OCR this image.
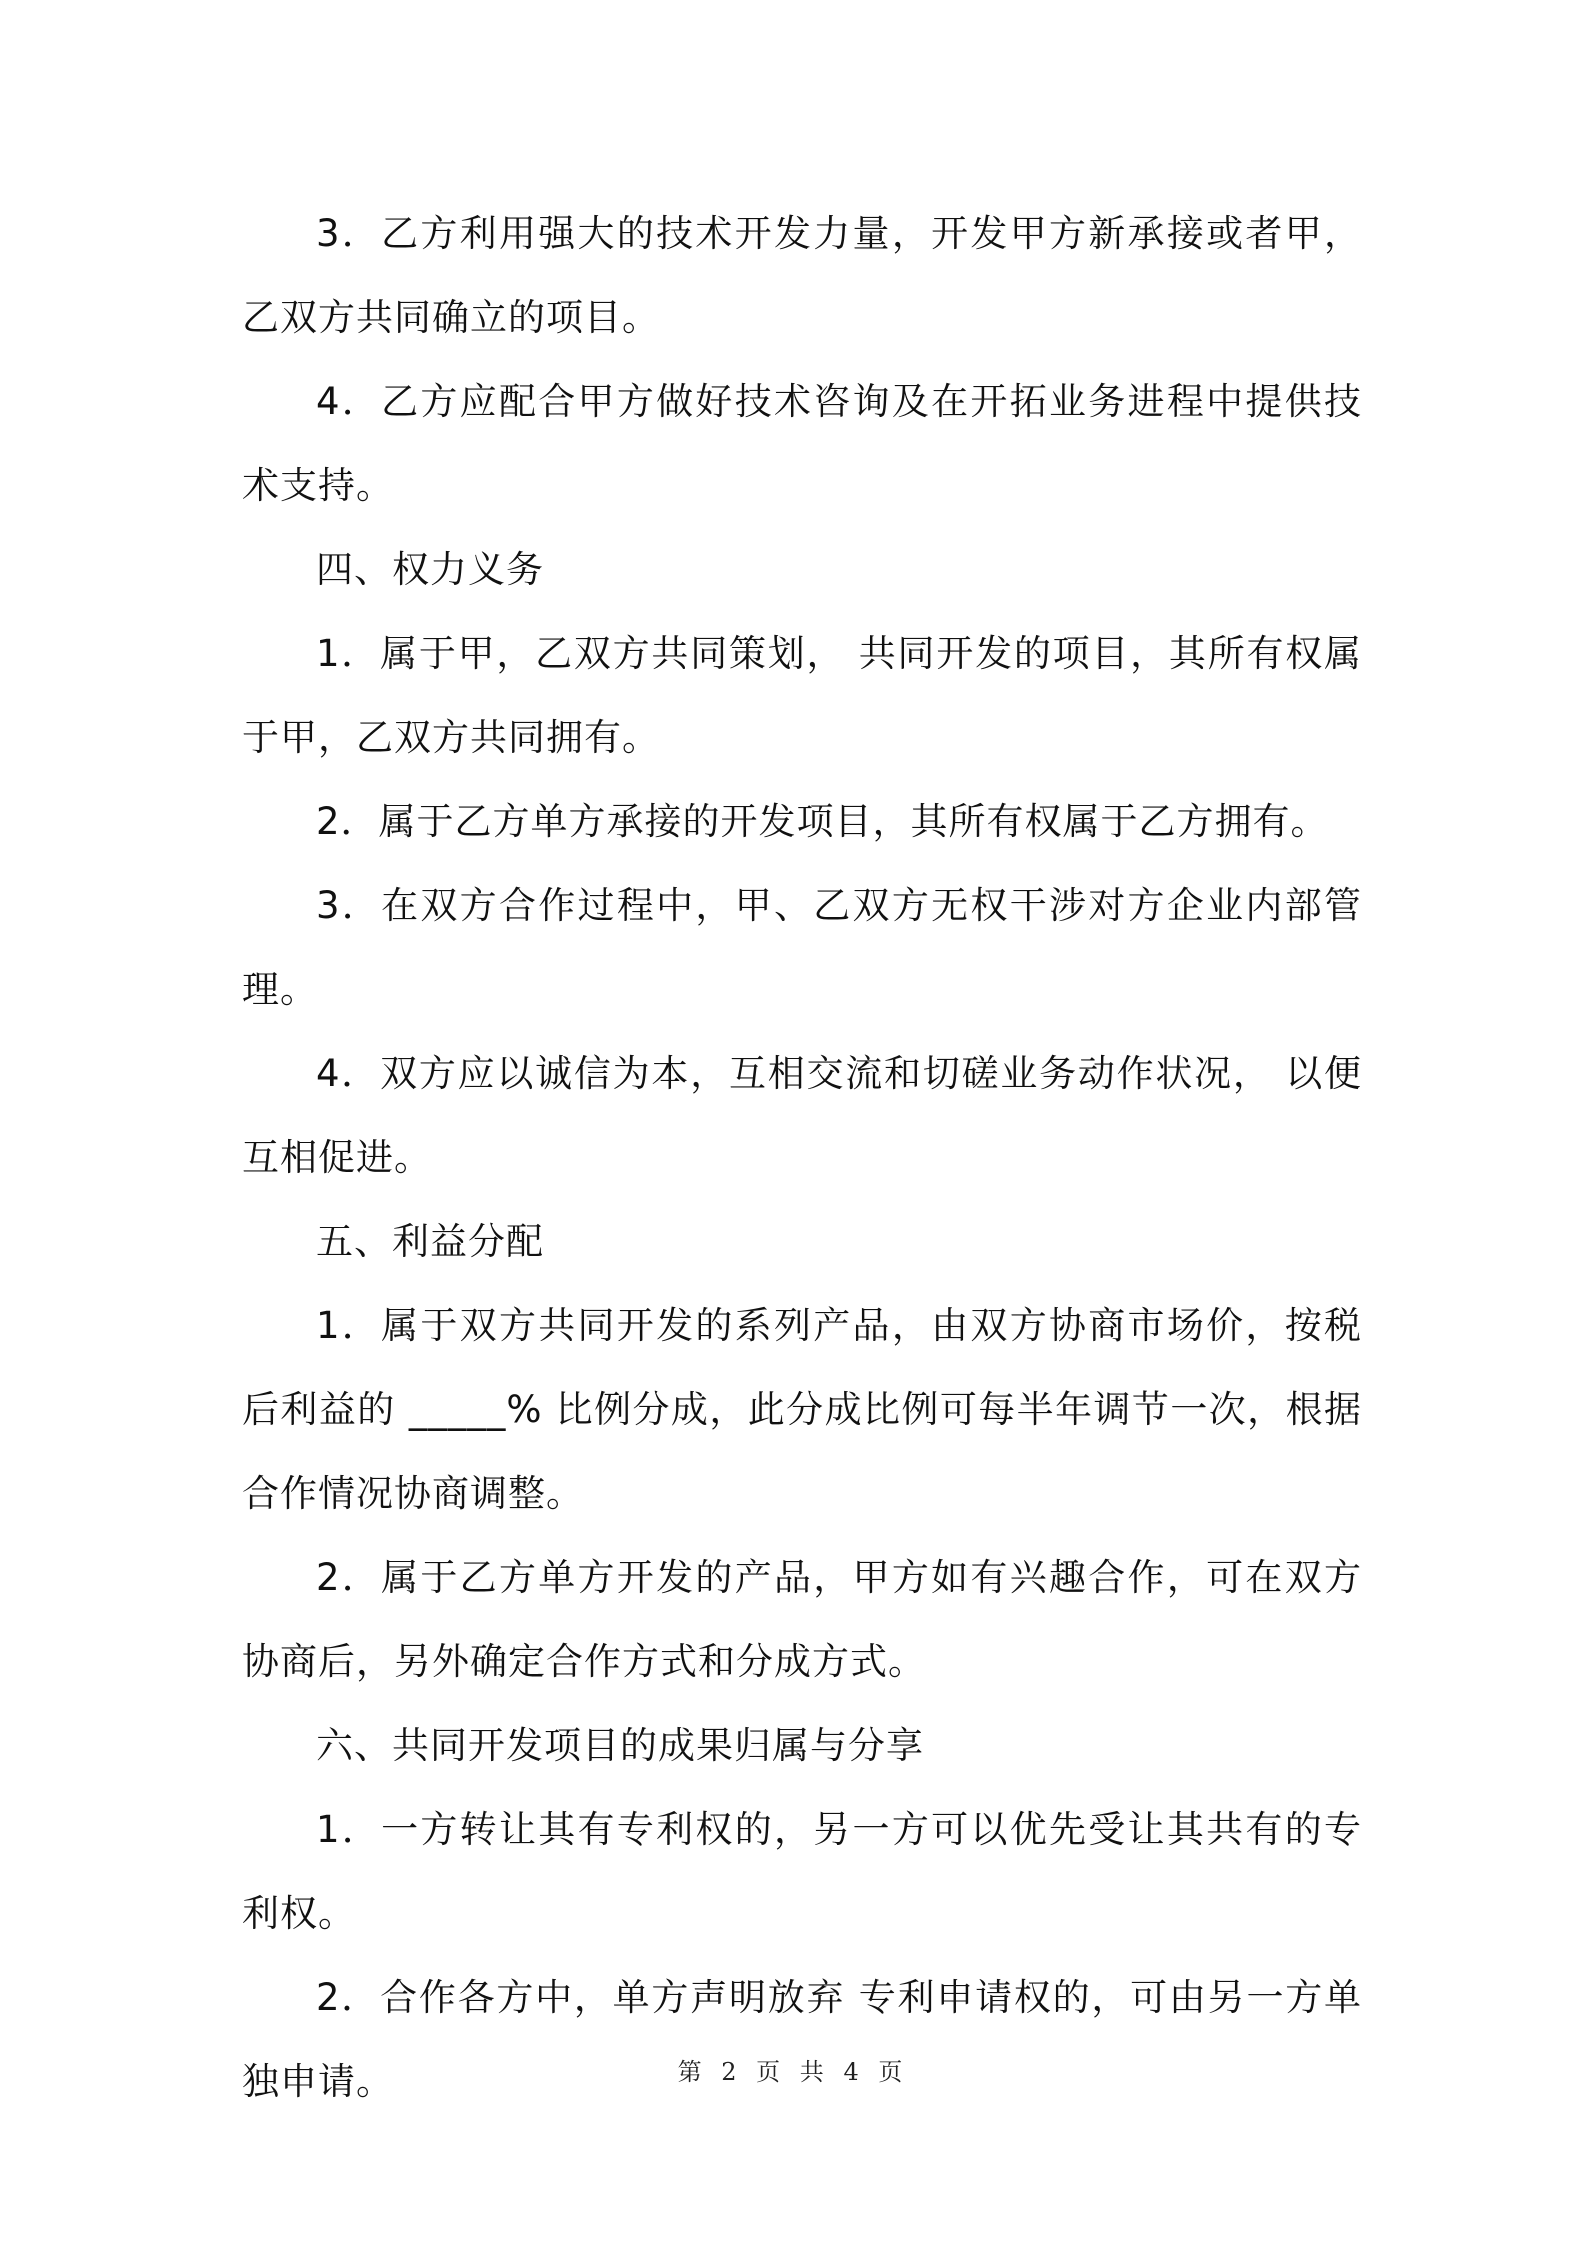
3．乙方利用强大的技术开发力量，开发甲方新承接或者甲，乙双方共同确立的项目。

4．乙方应配合甲方做好技术咨询及在开拓业务进程中提供技术支持。

四、权力义务

1．属于甲，乙双方共同策划， 共同开发的项目，其所有权属于甲，乙双方共同拥有。

2．属于乙方单方承接的开发项目，其所有权属于乙方拥有。

3．在双方合作过程中，甲、乙双方无权干涉对方企业内部管理。

4．双方应以诚信为本，互相交流和切磋业务动作状况， 以便互相促进。

五、利益分配

1．属于双方共同开发的系列产品，由双方协商市场价，按税后利益的 _____% 比例分成，此分成比例可每半年调节一次，根据合作情况协商调整。

2．属于乙方单方开发的产品，甲方如有兴趣合作，可在双方协商后，另外确定合作方式和分成方式。

六、共同开发项目的成果归属与分享

1．一方转让其有专利权的，另一方可以优先受让其共有的专利权。

2．合作各方中，单方声明放弃 专利申请权的，可由另一方单独申请。	第 2 页 共 4 页
